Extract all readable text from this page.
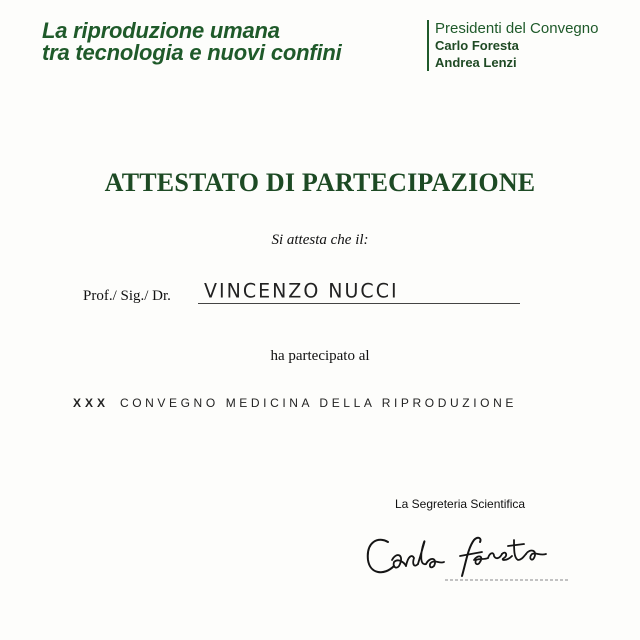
La riproduzione umana
tra tecnologia e nuovi confini
Presidenti del Convegno
Carlo Foresta
Andrea Lenzi
ATTESTATO DI PARTECIPAZIONE
Si attesta che il:
Prof./ Sig./ Dr. VINCENZO NUCCI
ha partecipato al
XXX CONVEGNO MEDICINA DELLA RIPRODUZIONE
La Segreteria Scientifica
